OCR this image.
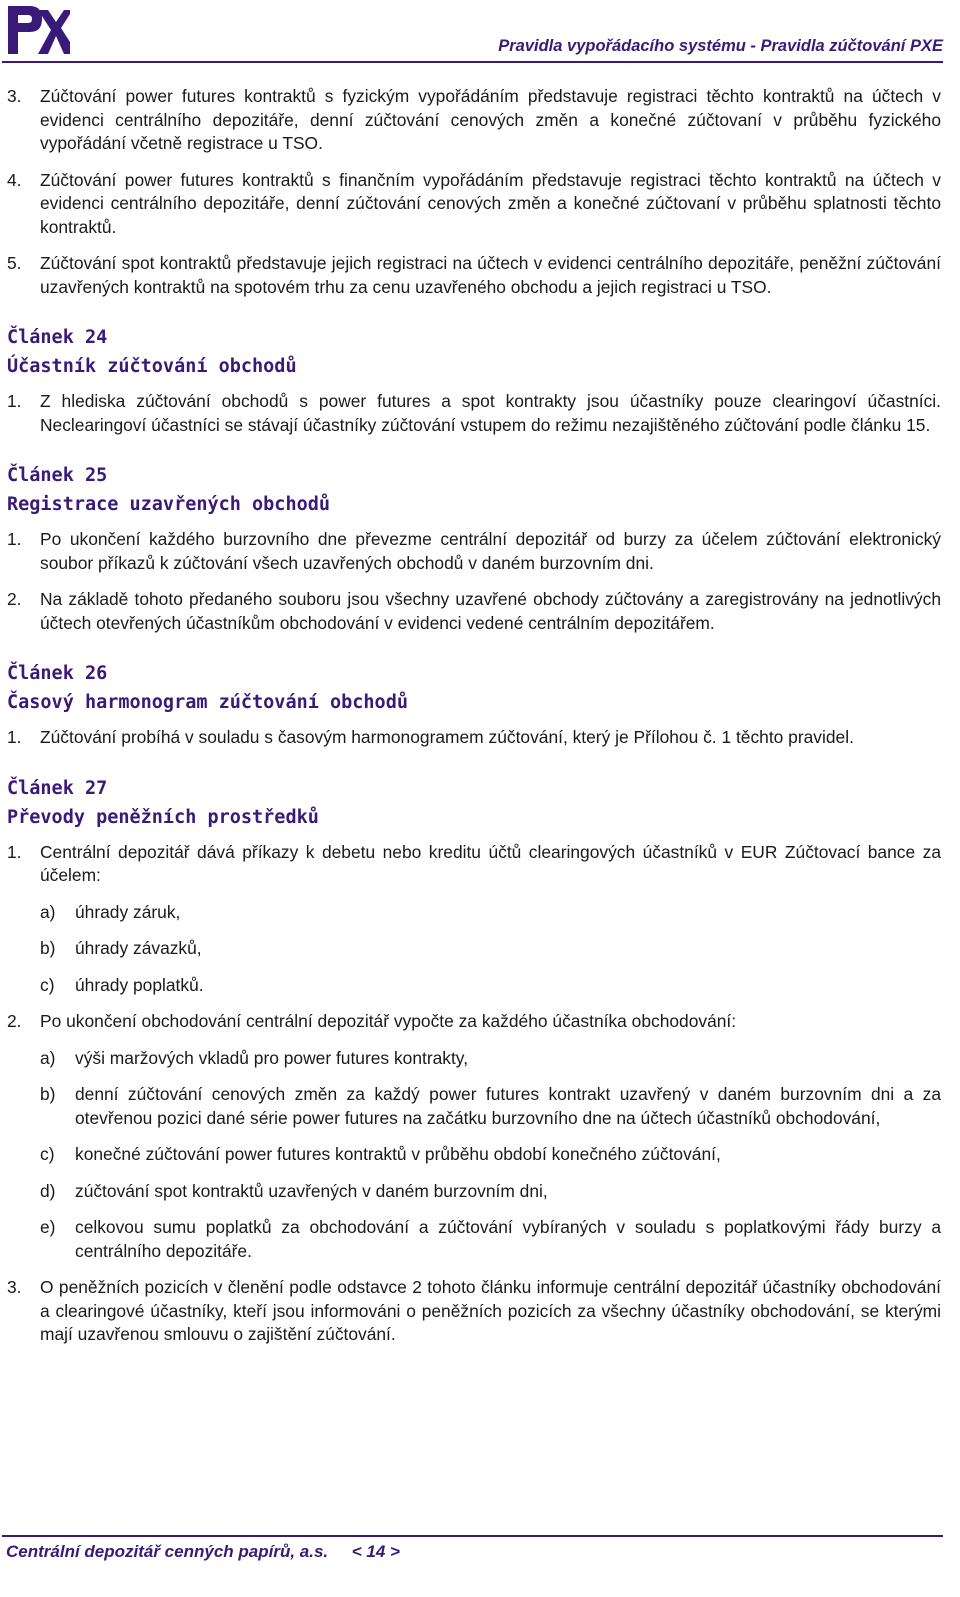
Pravidla vypořádacího systému - Pravidla zúčtování PXE
3.	Zúčtování power futures kontraktů s fyzickým vypořádáním představuje registraci těchto kontraktů na účtech v evidenci centrálního depozitáře, denní zúčtování cenových změn a konečné zúčtovaní v průběhu fyzického vypořádání včetně registrace u TSO.
4.	Zúčtování power futures kontraktů s finančním vypořádáním představuje registraci těchto kontraktů na účtech v evidenci centrálního depozitáře, denní zúčtování cenových změn a konečné zúčtovaní v průběhu splatnosti těchto kontraktů.
5.	Zúčtování spot kontraktů představuje jejich registraci na účtech v evidenci centrálního depozitáře, peněžní zúčtování uzavřených kontraktů na spotovém trhu za cenu uzavřeného obchodu a jejich registraci u TSO.
Článek 24
Účastník zúčtování obchodů
1.	Z hlediska zúčtování obchodů s power futures a spot kontrakty jsou účastníky pouze clearingoví účastníci. Neclearingoví účastníci se stávají účastníky zúčtování vstupem do režimu nezajištěného zúčtování podle článku 15.
Článek 25
Registrace uzavřených obchodů
1.	Po ukončení každého burzovního dne převezme centrální depozitář od burzy za účelem zúčtování elektronický soubor příkazů k zúčtování všech uzavřených obchodů v daném burzovním dni.
2.	Na základě tohoto předaného souboru jsou všechny uzavřené obchody zúčtovány a zaregistrovány na jednotlivých účtech otevřených účastníkům obchodování v evidenci vedené centrálním depozitářem.
Článek 26
Časový harmonogram zúčtování obchodů
1.	Zúčtování probíhá v souladu s časovým harmonogramem zúčtování, který je Přílohou č. 1 těchto pravidel.
Článek 27
Převody peněžních prostředků
1.	Centrální depozitář dává příkazy k debetu nebo kreditu účtů clearingových účastníků v EUR Zúčtovací bance za účelem:
a)	úhrady záruk,
b)	úhrady závazků,
c)	úhrady poplatků.
2.	Po ukončení obchodování centrální depozitář vypočte za každého účastníka obchodování:
a)	výši maržových vkladů pro power futures kontrakty,
b)	denní zúčtování cenových změn za každý power futures kontrakt uzavřený v daném burzovním dni a za otevřenou pozici dané série power futures na začátku burzovního dne na účtech účastníků obchodování,
c)	konečné zúčtování power futures kontraktů v průběhu období konečného zúčtování,
d)	zúčtování spot kontraktů uzavřených v daném burzovním dni,
e)	celkovou sumu poplatků za obchodování a zúčtování vybíraných v souladu s poplatkovými řády burzy a centrálního depozitáře.
3.	O peněžních pozicích v členění podle odstavce 2 tohoto článku informuje centrální depozitář účastníky obchodování a clearingové účastníky, kteří jsou informováni o peněžních pozicích za všechny účastníky obchodování, se kterými mají uzavřenou smlouvu o zajištění zúčtování.
Centrální depozitář cenných papírů, a.s. < 14 >
